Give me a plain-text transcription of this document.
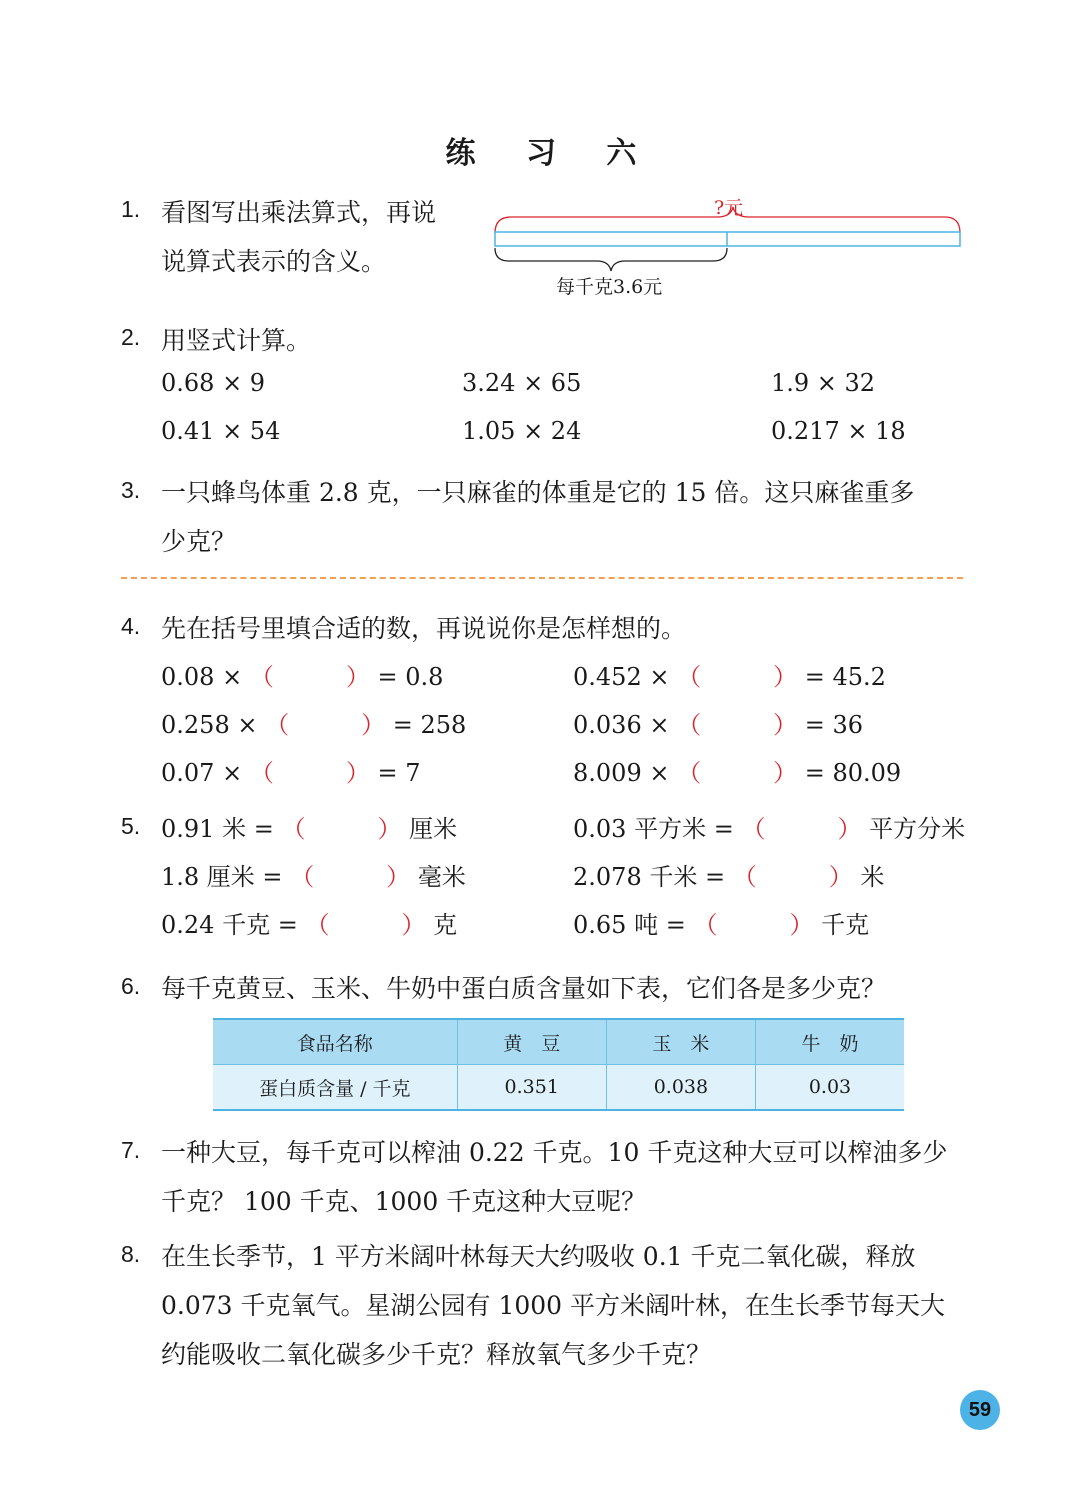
练 习 六
1. 看图写出乘法算式，再说
说算式表示的含义。
?元
每千克3.6元
2. 用竖式计算。
0.68 × 9	3.24 × 65	1.9 × 32
0.41 × 54	1.05 × 24	0.217 × 18
3. 一只蜂鸟体重 2.8 克，一只麻雀的体重是它的 15 倍。这只麻雀重多
少克？
4. 先在括号里填合适的数，再说说你是怎样想的。
0.08 × （　　　） = 0.8	0.452 × （　　　） = 45.2
0.258 × （　　　） = 258	0.036 × （　　　） = 36
0.07 × （　　　） = 7	8.009 × （　　　） = 80.09
5. 0.91 米 = （　　　） 厘米	0.03 平方米 = （　　　） 平方分米
1.8 厘米 = （　　　） 毫米	2.078 千米 = （　　　） 米
0.24 千克 = （　　　） 克	0.65 吨 = （　　　） 千克
6. 每千克黄豆、玉米、牛奶中蛋白质含量如下表，它们各是多少克？
食品名称	黄　豆	玉　米	牛　奶
蛋白质含量 / 千克	0.351	0.038	0.03
7. 一种大豆，每千克可以榨油 0.22 千克。10 千克这种大豆可以榨油多少
千克？ 100 千克、1000 千克这种大豆呢？
8. 在生长季节，1 平方米阔叶林每天大约吸收 0.1 千克二氧化碳，释放
0.073 千克氧气。星湖公园有 1000 平方米阔叶林，在生长季节每天大
约能吸收二氧化碳多少千克？释放氧气多少千克？
59
